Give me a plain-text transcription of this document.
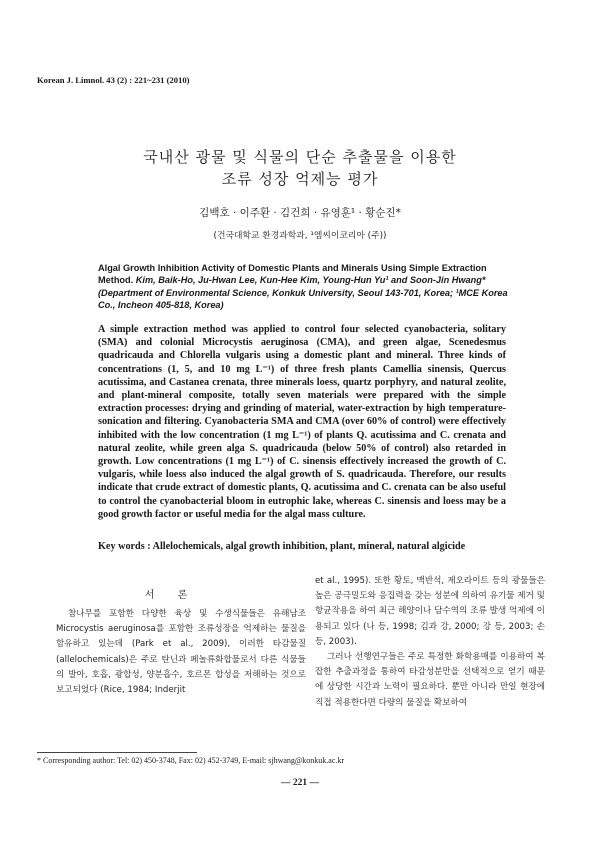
Korean J. Limnol. 43 (2) : 221~231 (2010)
국내산 광물 및 식물의 단순 추출물을 이용한
조류 성장 억제능 평가
김백호 · 이주환 · 김건희 · 유영훈¹ · 황순진*
(건국대학교 환경과학과, ¹엠씨이코리아 (주))
Algal Growth Inhibition Activity of Domestic Plants and Minerals Using Simple Extraction Method. Kim, Baik-Ho, Ju-Hwan Lee, Kun-Hee Kim, Young-Hun Yu¹ and Soon-Jin Hwang* (Department of Environmental Science, Konkuk University, Seoul 143-701, Korea; ¹MCE Korea Co., Incheon 405-818, Korea)
A simple extraction method was applied to control four selected cyanobacteria, solitary (SMA) and colonial Microcystis aeruginosa (CMA), and green algae, Scenedesmus quadricauda and Chlorella vulgaris using a domestic plant and mineral. Three kinds of concentrations (1, 5, and 10 mg L⁻¹) of three fresh plants Camellia sinensis, Quercus acutissima, and Castanea crenata, three minerals loess, quartz porphyry, and natural zeolite, and plant-mineral composite, totally seven materials were prepared with the simple extraction processes: drying and grinding of material, water-extraction by high temperature-sonication and filtering. Cyanobacteria SMA and CMA (over 60% of control) were effectively inhibited with the low concentration (1 mg L⁻¹) of plants Q. acutissima and C. crenata and natural zeolite, while green alga S. quadricauda (below 50% of control) also retarded in growth. Low concentrations (1 mg L⁻¹) of C. sinensis effectively increased the growth of C. vulgaris, while loess also induced the algal growth of S. quadricauda. Therefore, our results indicate that crude extract of domestic plants, Q. acutissima and C. crenata can be also useful to control the cyanobacterial bloom in eutrophic lake, whereas C. sinensis and loess may be a good growth factor or useful media for the algal mass culture.
Key words : Allelochemicals, algal growth inhibition, plant, mineral, natural algicide
서 론

참나무를 포함한 다양한 육상 및 수생식물들은 유해남조 Microcystis aeruginosa를 포함한 조류성장을 억제하는 물질을 함유하고 있는데 (Park et al., 2009), 이러한 타감물질 (allelochemicals)은 주로 탄닌과 페놀류화합물로서 다른 식물들의 발아, 호흡, 광합성, 양분흡수, 호르몬 합성을 저해하는 것으로 보고되었다 (Rice, 1984; Inderjit

et al., 1995). 또한 황토, 맥반석, 제오라이트 등의 광물들은 높은 공극밀도와 응집력을 갖는 성분에 의하여 유기물 제거 및 항균작용을 하여 최근 해양이나 담수역의 조류 발생 억제에 이용되고 있다 (나 등, 1998; 김과 강, 2000; 강 등, 2003; 손 등, 2003).

그러나 선행연구들은 주로 특정한 화학용매를 이용하여 복잡한 추출과정을 통하여 타감성분만을 선택적으로 얻기 때문에 상당한 시간과 노력이 필요하다. 뿐만 아니라 만일 현장에 직접 적용한다면 다량의 물질을 확보하여

* Corresponding author: Tel: 02) 450-3748, Fax: 02) 452-3749, E-mail: sjhwang@konkuk.ac.kr
— 221 —
